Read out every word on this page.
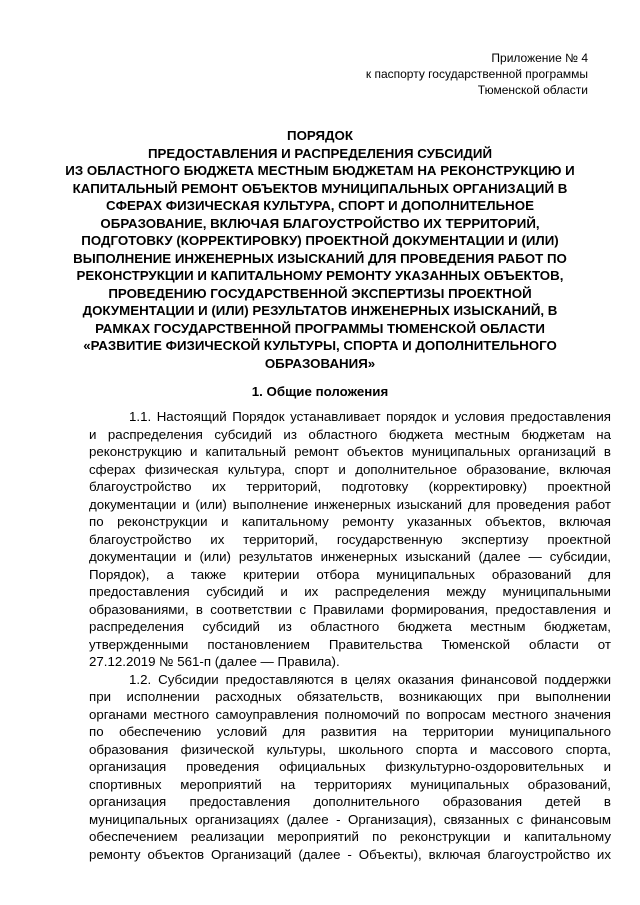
Приложение № 4
к паспорту государственной программы
Тюменской области
ПОРЯДОК
ПРЕДОСТАВЛЕНИЯ И РАСПРЕДЕЛЕНИЯ СУБСИДИЙ
ИЗ ОБЛАСТНОГО БЮДЖЕТА МЕСТНЫМ БЮДЖЕТАМ НА РЕКОНСТРУКЦИЮ И
КАПИТАЛЬНЫЙ РЕМОНТ ОБЪЕКТОВ МУНИЦИПАЛЬНЫХ ОРГАНИЗАЦИЙ В
СФЕРАХ ФИЗИЧЕСКАЯ КУЛЬТУРА, СПОРТ И ДОПОЛНИТЕЛЬНОЕ
ОБРАЗОВАНИЕ, ВКЛЮЧАЯ БЛАГОУСТРОЙСТВО ИХ ТЕРРИТОРИЙ,
ПОДГОТОВКУ (КОРРЕКТИРОВКУ) ПРОЕКТНОЙ ДОКУМЕНТАЦИИ И (ИЛИ)
ВЫПОЛНЕНИЕ ИНЖЕНЕРНЫХ ИЗЫСКАНИЙ ДЛЯ ПРОВЕДЕНИЯ РАБОТ ПО
РЕКОНСТРУКЦИИ И КАПИТАЛЬНОМУ РЕМОНТУ УКАЗАННЫХ ОБЪЕКТОВ,
ПРОВЕДЕНИЮ ГОСУДАРСТВЕННОЙ ЭКСПЕРТИЗЫ ПРОЕКТНОЙ
ДОКУМЕНТАЦИИ И (ИЛИ) РЕЗУЛЬТАТОВ ИНЖЕНЕРНЫХ ИЗЫСКАНИЙ, В
РАМКАХ ГОСУДАРСТВЕННОЙ ПРОГРАММЫ ТЮМЕНСКОЙ ОБЛАСТИ
«РАЗВИТИЕ ФИЗИЧЕСКОЙ КУЛЬТУРЫ, СПОРТА И ДОПОЛНИТЕЛЬНОГО
ОБРАЗОВАНИЯ»
1. Общие положения
1.1. Настоящий Порядок устанавливает порядок и условия предоставления
и распределения субсидий из областного бюджета местным бюджетам на
реконструкцию и капитальный ремонт объектов муниципальных организаций в
сферах физическая культура, спорт и дополнительное образование, включая
благоустройство их территорий, подготовку (корректировку) проектной
документации и (или) выполнение инженерных изысканий для проведения работ
по реконструкции и капитальному ремонту указанных объектов, включая
благоустройство их территорий, государственную экспертизу проектной
документации и (или) результатов инженерных изысканий (далее — субсидии,
Порядок), а также критерии отбора муниципальных образований для
предоставления субсидий и их распределения между муниципальными
образованиями, в соответствии с Правилами формирования, предоставления и
распределения субсидий из областного бюджета местным бюджетам,
утвержденными постановлением Правительства Тюменской области от
27.12.2019 № 561-п (далее — Правила).
1.2. Субсидии предоставляются в целях оказания финансовой поддержки
при исполнении расходных обязательств, возникающих при выполнении
органами местного самоуправления полномочий по вопросам местного значения
по обеспечению условий для развития на территории муниципального
образования физической культуры, школьного спорта и массового спорта,
организация проведения официальных физкультурно-оздоровительных и
спортивных мероприятий на территориях муниципальных образований,
организация предоставления дополнительного образования детей в
муниципальных организациях (далее - Организация), связанных с финансовым
обеспечением реализации мероприятий по реконструкции и капитальному
ремонту объектов Организаций (далее - Объекты), включая благоустройство их
